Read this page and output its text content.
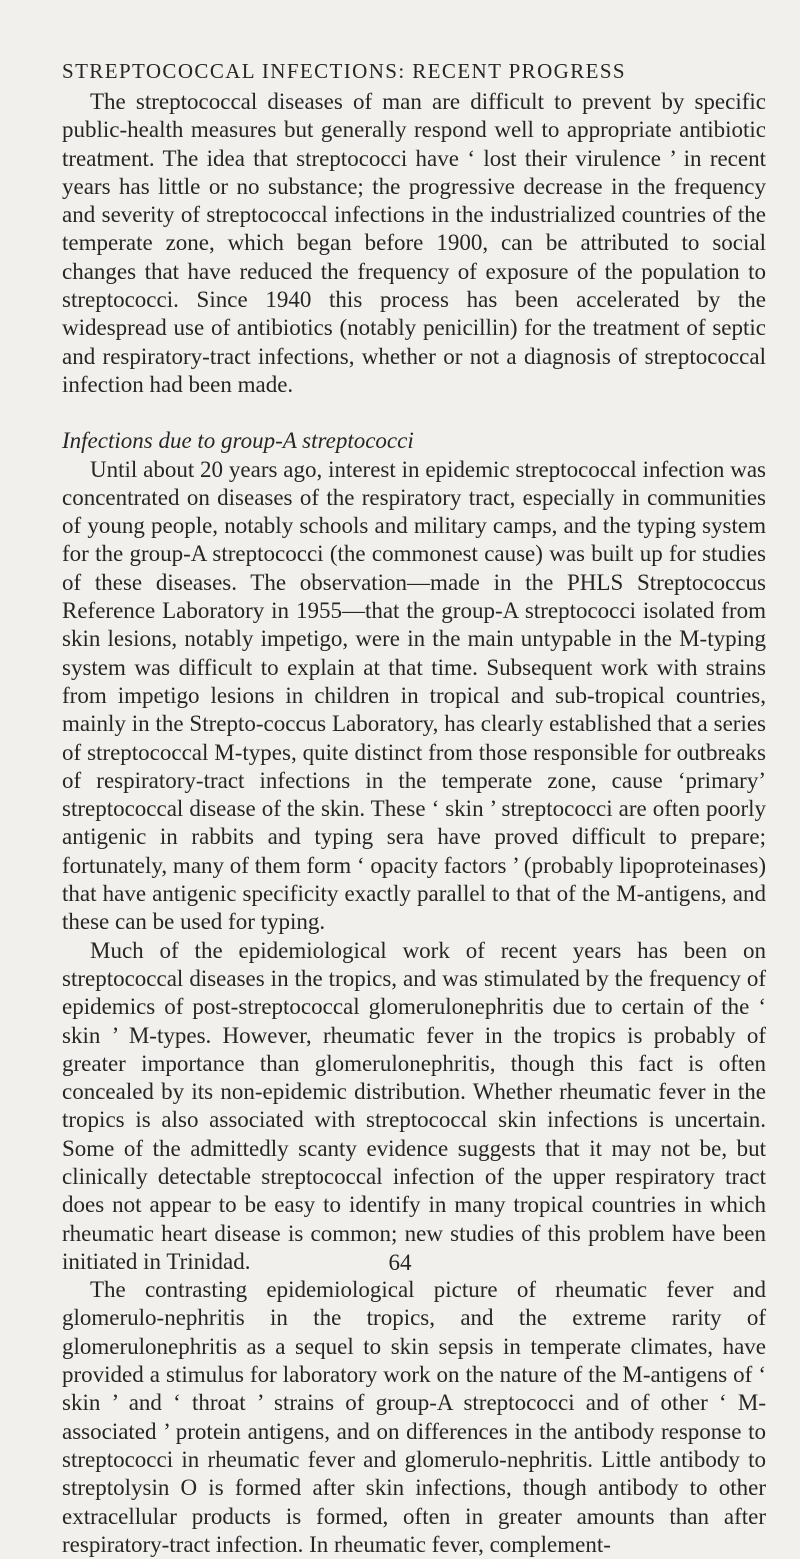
STREPTOCOCCAL INFECTIONS: RECENT PROGRESS

The streptococcal diseases of man are difficult to prevent by specific public-health measures but generally respond well to appropriate antibiotic treatment. The idea that streptococci have ‘ lost their virulence ’ in recent years has little or no substance; the progressive decrease in the frequency and severity of streptococcal infections in the industrialized countries of the temperate zone, which began before 1900, can be attributed to social changes that have reduced the frequency of exposure of the population to streptococci. Since 1940 this process has been accelerated by the widespread use of antibiotics (notably penicillin) for the treatment of septic and respiratory-tract infections, whether or not a diagnosis of streptococcal infection had been made.

Infections due to group-A streptococci

Until about 20 years ago, interest in epidemic streptococcal infection was concentrated on diseases of the respiratory tract, especially in communities of young people, notably schools and military camps, and the typing system for the group-A streptococci (the commonest cause) was built up for studies of these diseases. The observation—made in the PHLS Streptococcus Reference Laboratory in 1955—that the group-A streptococci isolated from skin lesions, notably impetigo, were in the main untypable in the M-typing system was difficult to explain at that time. Subsequent work with strains from impetigo lesions in children in tropical and sub-tropical countries, mainly in the Strepto-coccus Laboratory, has clearly established that a series of streptococcal M-types, quite distinct from those responsible for outbreaks of respiratory-tract infections in the temperate zone, cause ‘primary’ streptococcal disease of the skin. These ‘ skin ’ streptococci are often poorly antigenic in rabbits and typing sera have proved difficult to prepare; fortunately, many of them form ‘ opacity factors ’ (probably lipoproteinases) that have antigenic specificity exactly parallel to that of the M-antigens, and these can be used for typing.

Much of the epidemiological work of recent years has been on streptococcal diseases in the tropics, and was stimulated by the frequency of epidemics of post-streptococcal glomerulonephritis due to certain of the ‘ skin ’ M-types. However, rheumatic fever in the tropics is probably of greater importance than glomerulonephritis, though this fact is often concealed by its non-epidemic distribution. Whether rheumatic fever in the tropics is also associated with streptococcal skin infections is uncertain. Some of the admittedly scanty evidence suggests that it may not be, but clinically detectable streptococcal infection of the upper respiratory tract does not appear to be easy to identify in many tropical countries in which rheumatic heart disease is common; new studies of this problem have been initiated in Trinidad.

The contrasting epidemiological picture of rheumatic fever and glomerulo-nephritis in the tropics, and the extreme rarity of glomerulonephritis as a sequel to skin sepsis in temperate climates, have provided a stimulus for laboratory work on the nature of the M-antigens of ‘ skin ’ and ‘ throat ’ strains of group-A streptococci and of other ‘ M-associated ’ protein antigens, and on differences in the antibody response to streptococci in rheumatic fever and glomerulo-nephritis. Little antibody to streptolysin O is formed after skin infections, though antibody to other extracellular products is formed, often in greater amounts than after respiratory-tract infection. In rheumatic fever, complement-

64
